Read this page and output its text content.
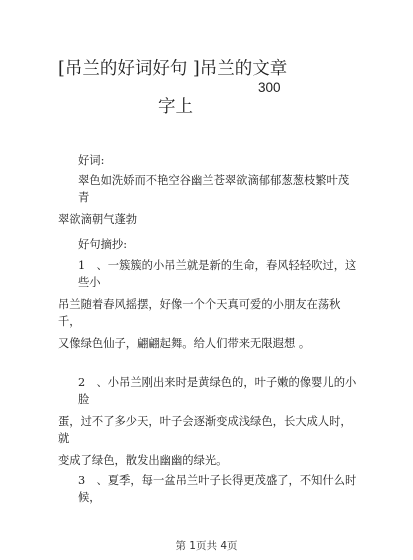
[吊兰的好词好句 ]吊兰的文章
300
字上
好词:
翠色如洗娇而不艳空谷幽兰苍翠欲滴郁郁葱葱枝繁叶茂青
翠欲滴朝气蓬勃
好句摘抄:
1　、一簇簇的小吊兰就是新的生命，春风轻轻吹过，这些小
吊兰随着春风摇摆，好像一个个天真可爱的小朋友在荡秋千，
又像绿色仙子，翩翩起舞。给人们带来无限遐想 。
2　、小吊兰刚出来时是黄绿色的，叶子嫩的像婴儿的小脸
蛋，过不了多少天，叶子会逐渐变成浅绿色，长大成人时，就
变成了绿色，散发出幽幽的绿光。
3　、夏季，每一盆吊兰叶子长得更茂盛了，不知什么时候，
第 1页共 4页
